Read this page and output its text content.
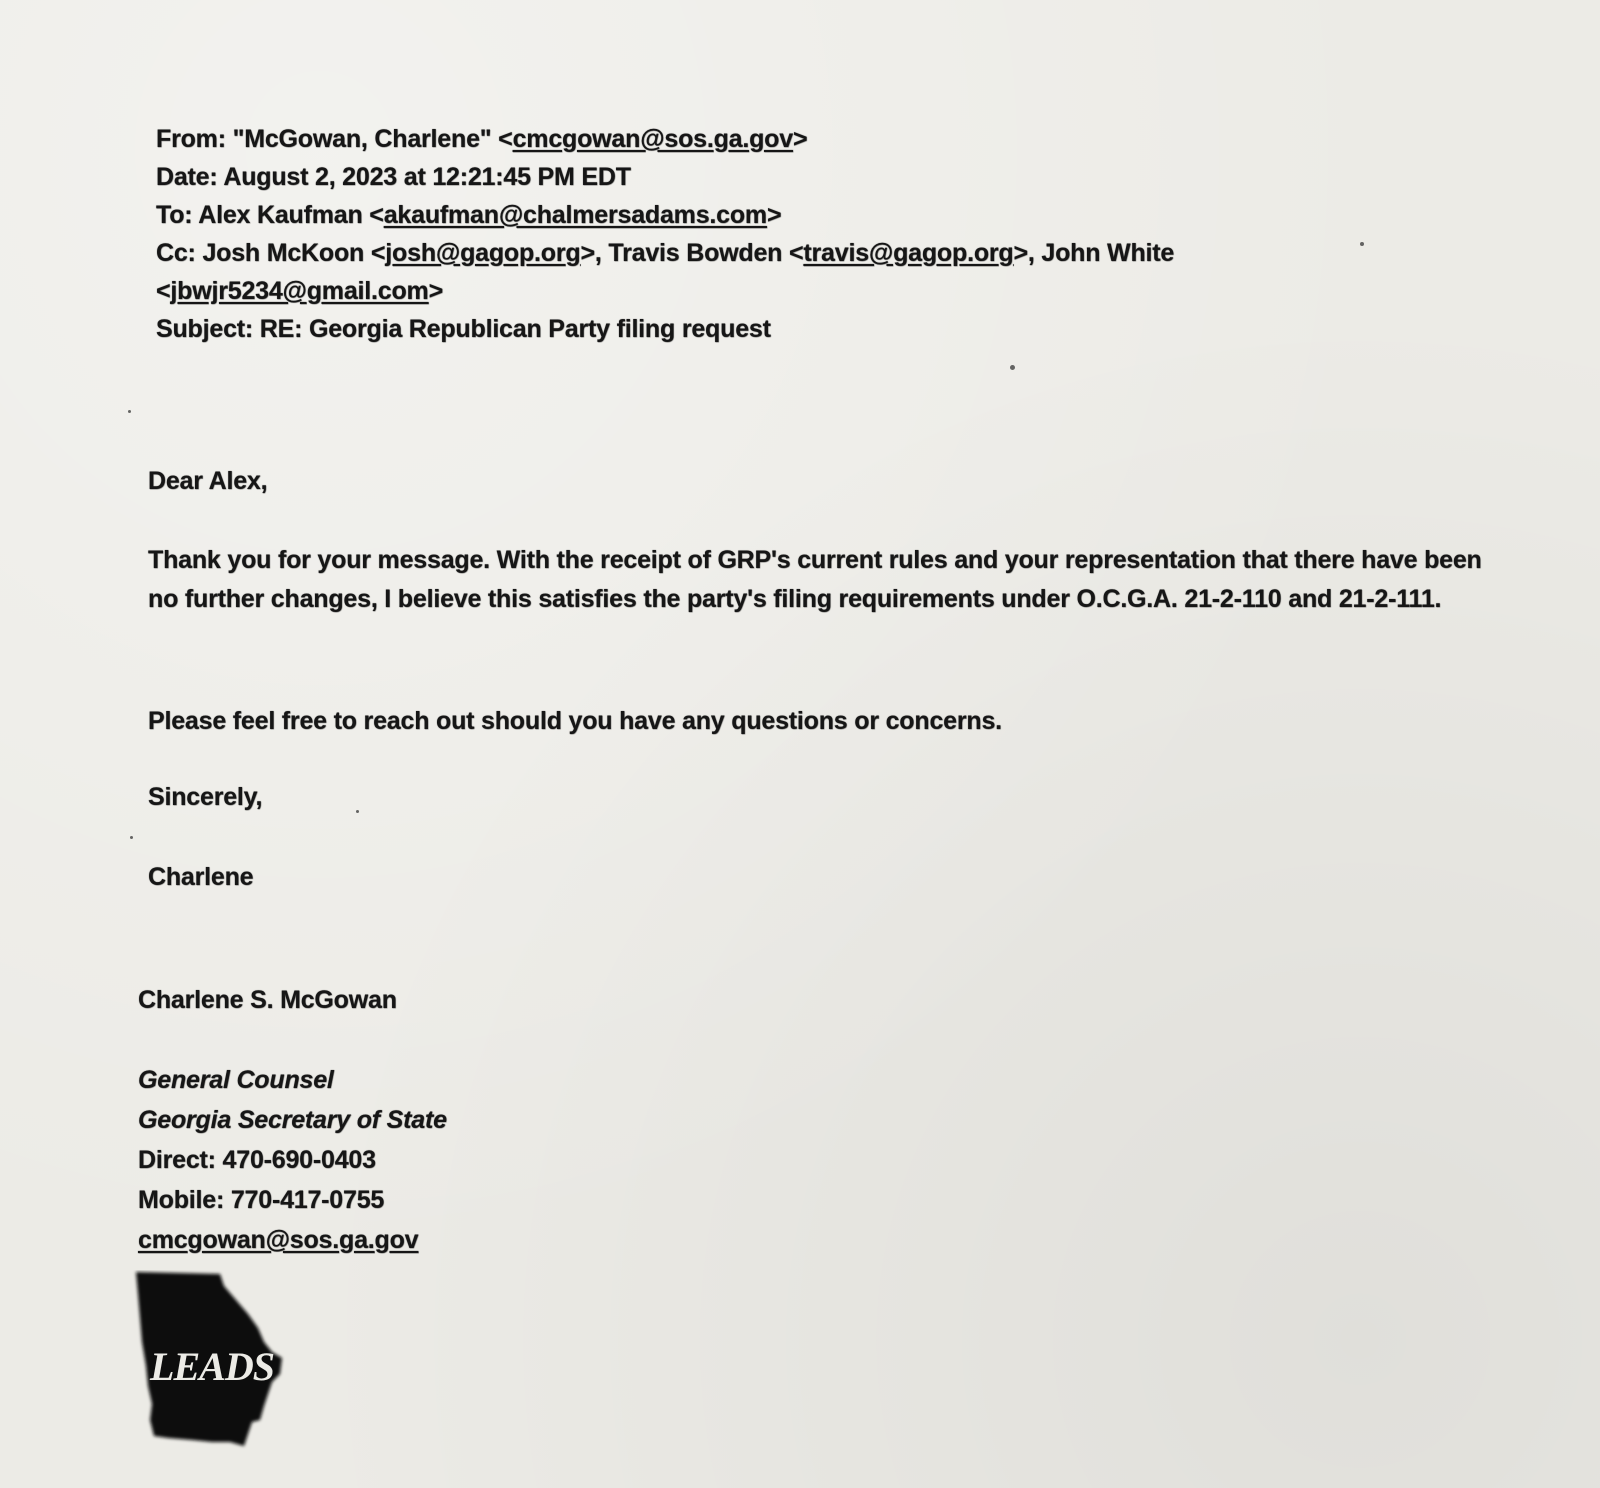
From: "McGowan, Charlene" <cmcgowan@sos.ga.gov>
Date: August 2, 2023 at 12:21:45 PM EDT
To: Alex Kaufman <akaufman@chalmersadams.com>
Cc: Josh McKoon <josh@gagop.org>, Travis Bowden <travis@gagop.org>, John White
<jbwjr5234@gmail.com>
Subject: RE: Georgia Republican Party filing request
Dear Alex,
Thank you for your message. With the receipt of GRP's current rules and your representation that there have been no further changes, I believe this satisfies the party's filing requirements under O.C.G.A. 21-2-110 and 21-2-111.
Please feel free to reach out should you have any questions or concerns.
Sincerely,
Charlene
Charlene S. McGowan
General Counsel
Georgia Secretary of State
Direct: 470-690-0403
Mobile: 770-417-0755
cmcgowan@sos.ga.gov
LEADS
